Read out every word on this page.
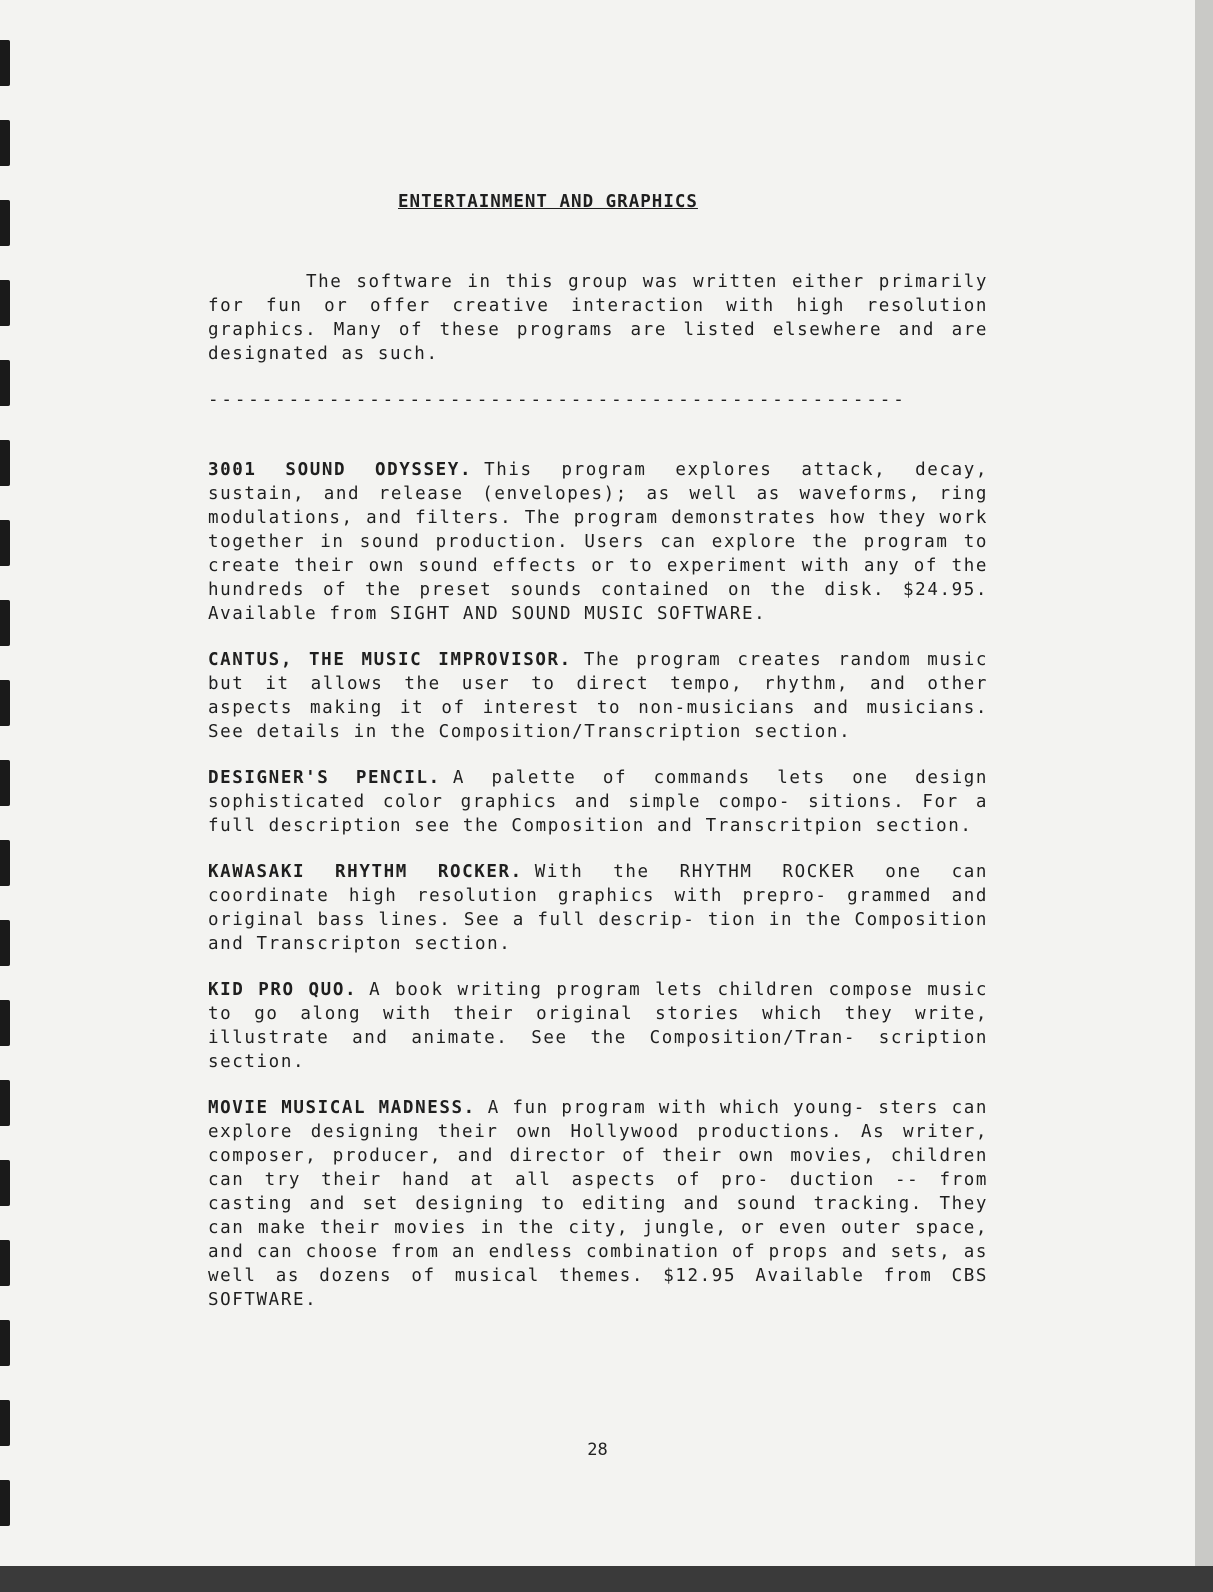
ENTERTAINMENT AND GRAPHICS

The software in this group was written either primarily for fun or offer creative interaction with high resolution graphics. Many of these programs are listed elsewhere and are designated as such.

----------------------------------------------------

3001 SOUND ODYSSEY. This program explores attack, decay, sustain, and release (envelopes); as well as waveforms, ring modulations, and filters. The program demonstrates how they work together in sound production. Users can explore the program to create their own sound effects or to experiment with any of the hundreds of the preset sounds contained on the disk. $24.95. Available from SIGHT AND SOUND MUSIC SOFTWARE.

CANTUS, THE MUSIC IMPROVISOR. The program creates random music but it allows the user to direct tempo, rhythm, and other aspects making it of interest to non-musicians and musicians. See details in the Composition/Transcription section.

DESIGNER'S PENCIL. A palette of commands lets one design sophisticated color graphics and simple compo- sitions. For a full description see the Composition and Transcritpion section.

KAWASAKI RHYTHM ROCKER. With the RHYTHM ROCKER one can coordinate high resolution graphics with prepro- grammed and original bass lines. See a full descrip- tion in the Composition and Transcripton section.

KID PRO QUO. A book writing program lets children compose music to go along with their original stories which they write, illustrate and animate. See the Composition/Tran- scription section.

MOVIE MUSICAL MADNESS. A fun program with which young- sters can explore designing their own Hollywood productions. As writer, composer, producer, and director of their own movies, children can try their hand at all aspects of pro- duction -- from casting and set designing to editing and sound tracking. They can make their movies in the city, jungle, or even outer space, and can choose from an endless combination of props and sets, as well as dozens of musical themes. $12.95 Available from CBS SOFTWARE.

28
